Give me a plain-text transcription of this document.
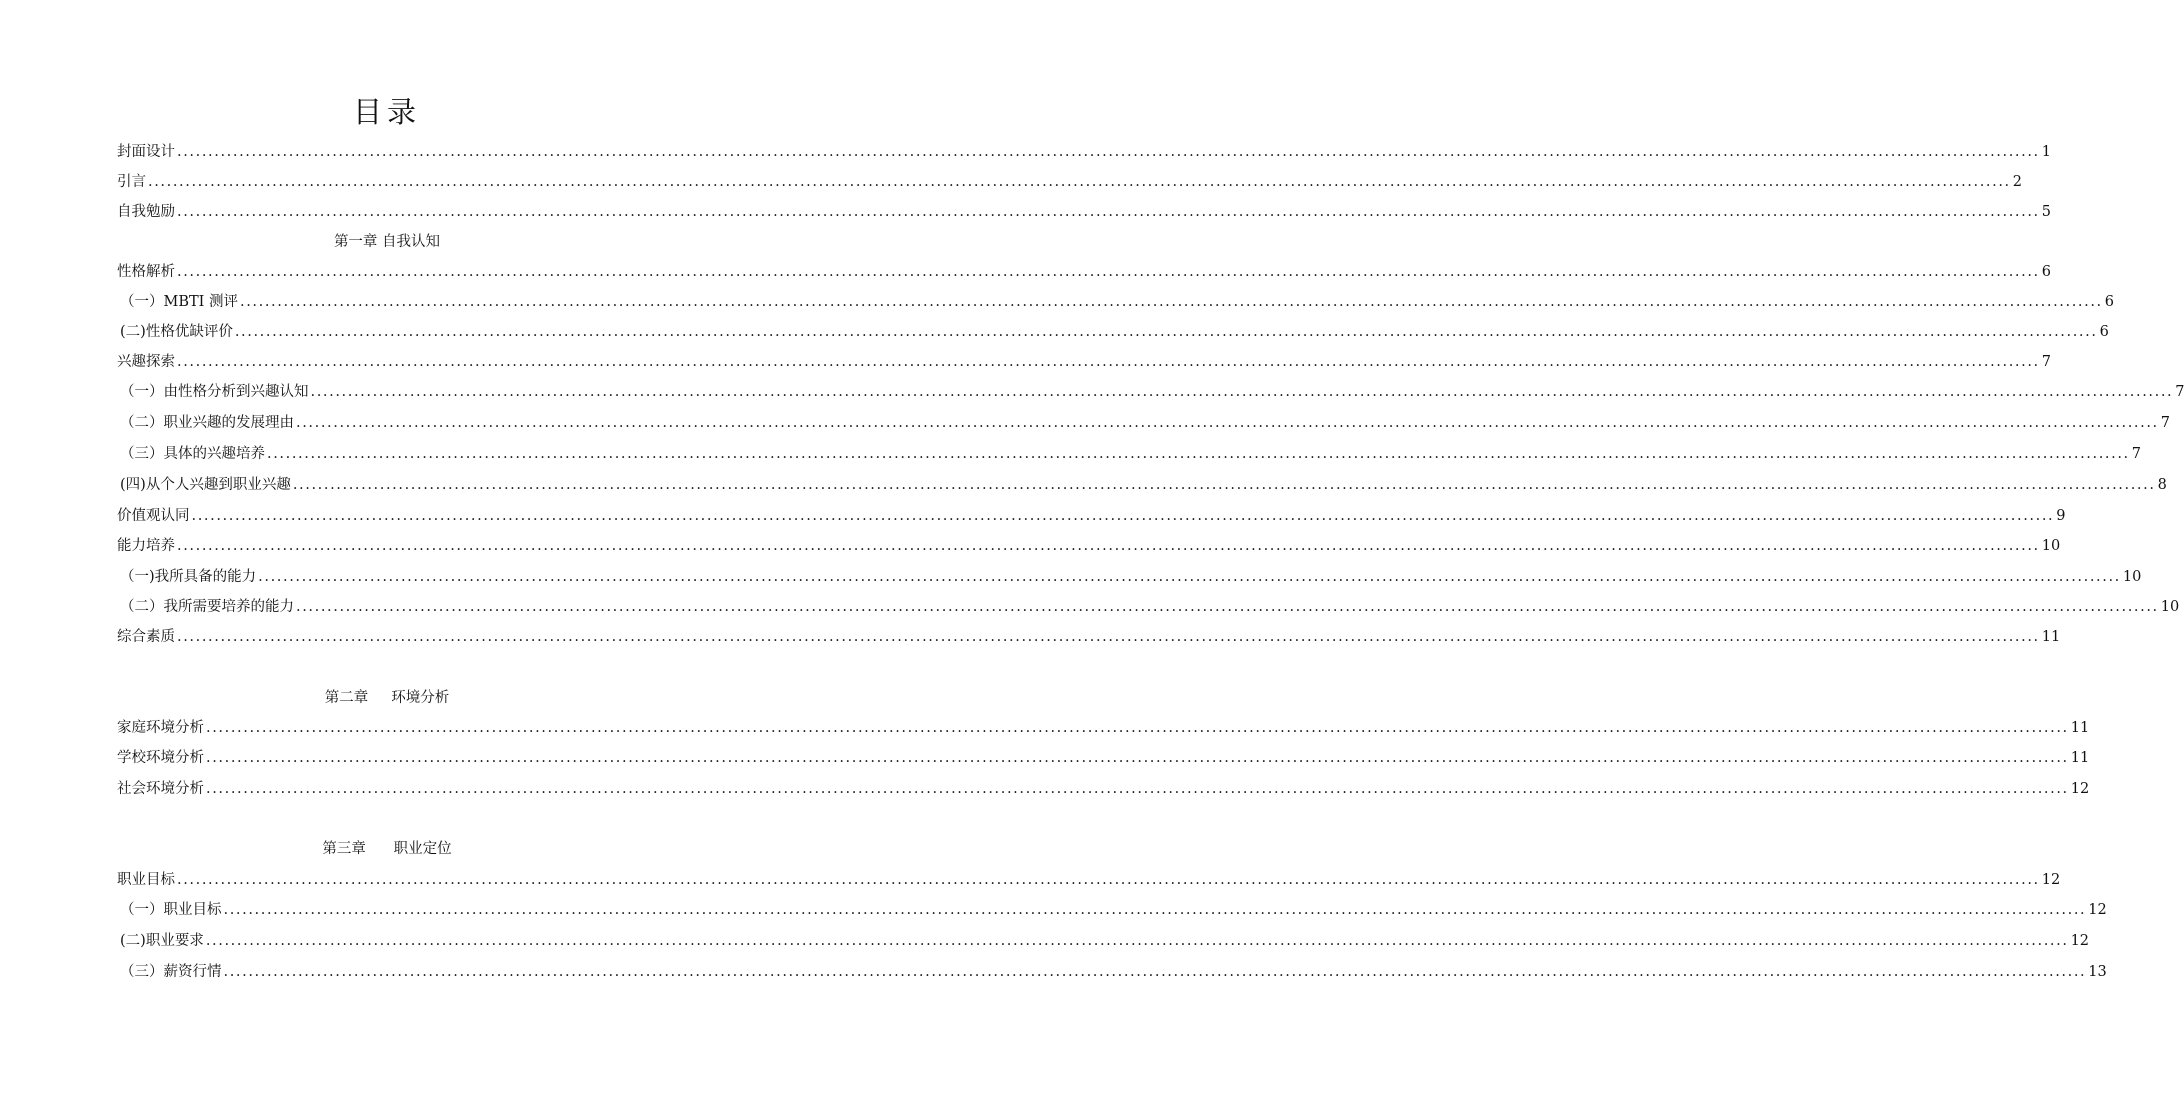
目录
封面设计 ............................................................................................................................................................................................................................................................................................................ 1
引言 ............................................................................................................................................................................................................................................................................................................ 2
自我勉励 ............................................................................................................................................................................................................................................................................................................ 5
第一章 自我认知
性格解析 ............................................................................................................................................................................................................................................................................................................ 6
（一）MBTI 测评 ............................................................................................................................................................................................................................................................................................................ 6
(二)性格优缺评价 ............................................................................................................................................................................................................................................................................................................ 6
兴趣探索 ............................................................................................................................................................................................................................................................................................................ 7
（一）由性格分析到兴趣认知 ............................................................................................................................................................................................................................................................................................................ 7
（二）职业兴趣的发展理由 ............................................................................................................................................................................................................................................................................................................ 7
（三）具体的兴趣培养 ............................................................................................................................................................................................................................................................................................................ 7
(四)从个人兴趣到职业兴趣 ............................................................................................................................................................................................................................................................................................................ 8
价值观认同 ............................................................................................................................................................................................................................................................................................................ 9
能力培养 ............................................................................................................................................................................................................................................................................................................ 10
（一)我所具备的能力 ............................................................................................................................................................................................................................................................................................................ 10
（二）我所需要培养的能力 ............................................................................................................................................................................................................................................................................................................ 10
综合素质 ............................................................................................................................................................................................................................................................................................................ 11
第二章     环境分析
家庭环境分析 ............................................................................................................................................................................................................................................................................................................ 11
学校环境分析 ............................................................................................................................................................................................................................................................................................................ 11
社会环境分析 ............................................................................................................................................................................................................................................................................................................ 12
第三章      职业定位
职业目标 ............................................................................................................................................................................................................................................................................................................ 12
（一）职业目标 ............................................................................................................................................................................................................................................................................................................ 12
(二)职业要求 ............................................................................................................................................................................................................................................................................................................ 12
（三）薪资行情 ............................................................................................................................................................................................................................................................................................................ 13
